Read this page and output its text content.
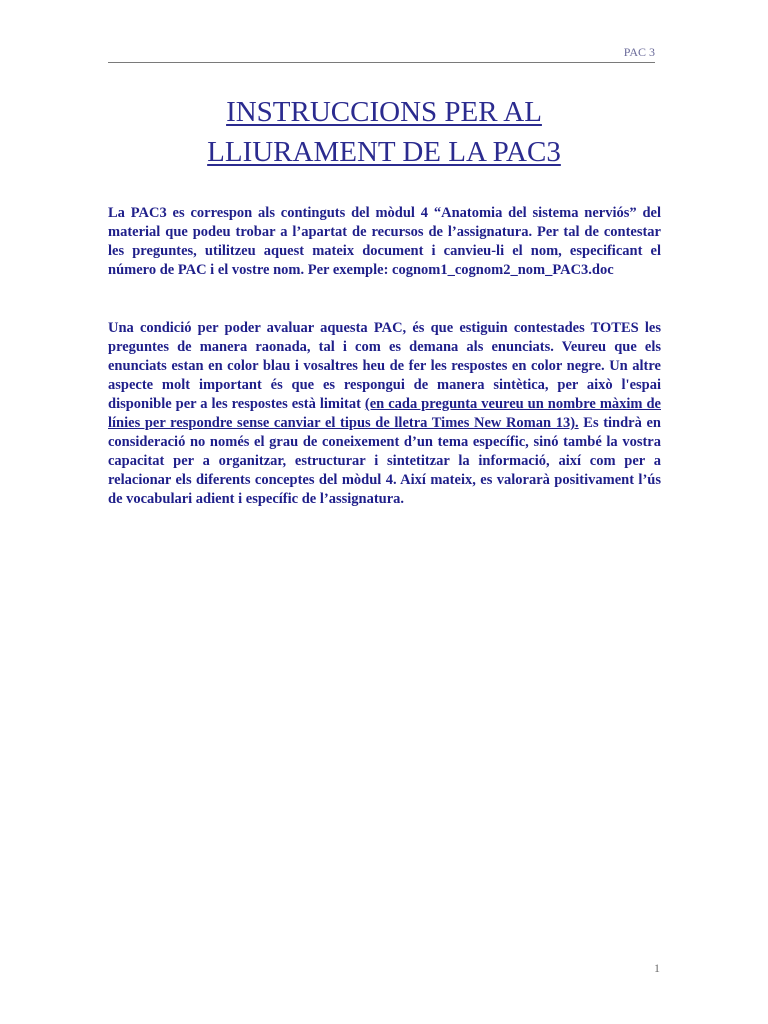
PAC 3
INSTRUCCIONS PER AL
LLIURAMENT DE LA PAC3

La PAC3 es correspon als continguts del mòdul 4 “Anatomia del sistema nerviós” del material que podeu trobar a l’apartat de recursos de l’assignatura. Per tal de contestar les preguntes, utilitzeu aquest mateix document i canvieu-li el nom, especificant el número de PAC i el vostre nom. Per exemple: cognom1_cognom2_nom_PAC3.doc

Una condició per poder avaluar aquesta PAC, és que estiguin contestades TOTES les preguntes de manera raonada, tal i com es demana als enunciats. Veureu que els enunciats estan en color blau i vosaltres heu de fer les respostes en color negre. Un altre aspecte molt important és que es respongui de manera sintètica, per això l'espai disponible per a les respostes està limitat (en cada pregunta veureu un nombre màxim de línies per respondre sense canviar el tipus de lletra Times New Roman 13). Es tindrà en consideració no només el grau de coneixement d’un tema específic, sinó també la vostra capacitat per a organitzar, estructurar i sintetitzar la informació, així com per a relacionar els diferents conceptes del mòdul 4. Així mateix, es valorarà positivament l’ús de vocabulari adient i específic de l’assignatura.

1
